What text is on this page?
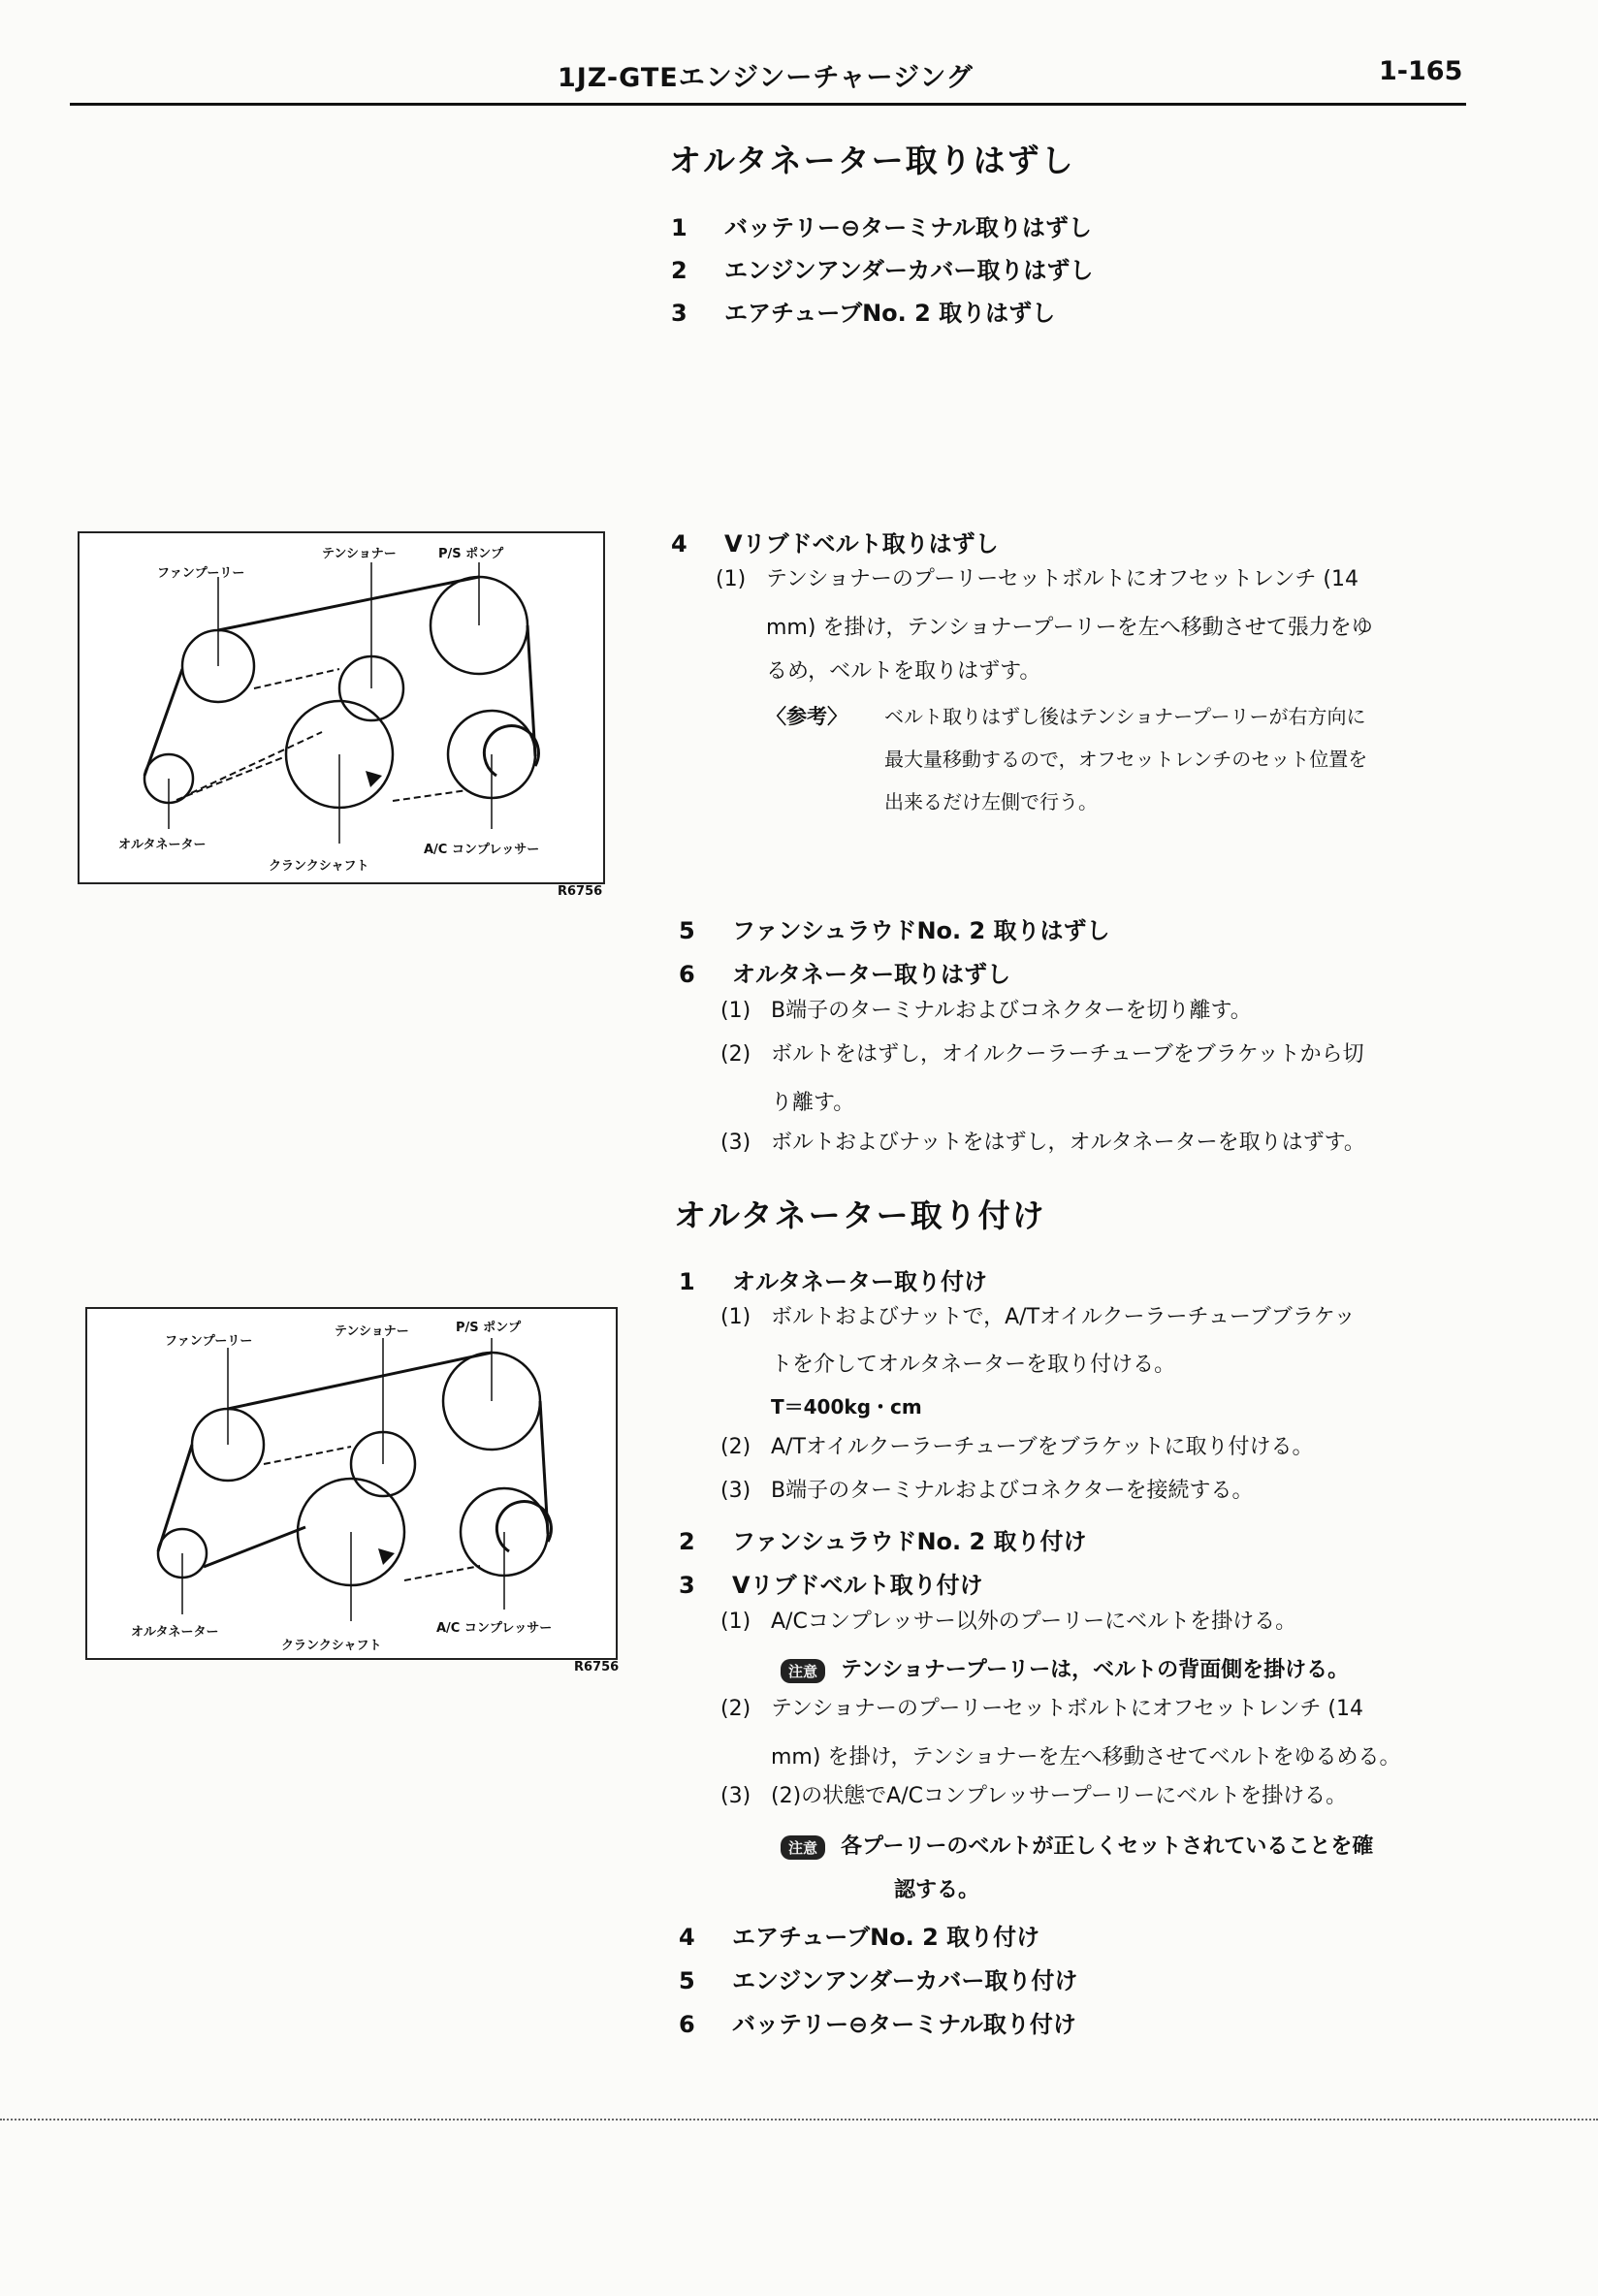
1JZ-GTEエンジンーチャージング	1-165
オルタネーター取りはずし
1 バッテリー⊖ターミナル取りはずし
2 エンジンアンダーカバー取りはずし
3 エアチューブNo. 2 取りはずし
4 Vリブドベルト取りはずし
(1) テンショナーのプーリーセットボルトにオフセットレンチ (14
mm) を掛け，テンショナープーリーを左へ移動させて張力をゆ
るめ，ベルトを取りはずす。
〈参考〉 ベルト取りはずし後はテンショナープーリーが右方向に
最大量移動するので，オフセットレンチのセット位置を
出来るだけ左側で行う。
5 ファンシュラウドNo. 2 取りはずし
6 オルタネーター取りはずし
(1) B端子のターミナルおよびコネクターを切り離す。
(2) ボルトをはずし，オイルクーラーチューブをブラケットから切
り離す。
(3) ボルトおよびナットをはずし，オルタネーターを取りはずす。
オルタネーター取り付け
1 オルタネーター取り付け
(1) ボルトおよびナットで，A/Tオイルクーラーチューブブラケッ
トを介してオルタネーターを取り付ける。
T＝400kg・cm
(2) A/Tオイルクーラーチューブをブラケットに取り付ける。
(3) B端子のターミナルおよびコネクターを接続する。
2 ファンシュラウドNo. 2 取り付け
3 Vリブドベルト取り付け
(1) A/Cコンプレッサー以外のプーリーにベルトを掛ける。
注意 テンショナープーリーは，ベルトの背面側を掛ける。
(2) テンショナーのプーリーセットボルトにオフセットレンチ (14
mm) を掛け，テンショナーを左へ移動させてベルトをゆるめる。
(3) (2)の状態でA/Cコンプレッサープーリーにベルトを掛ける。
注意 各プーリーのベルトが正しくセットされていることを確
認する。
4 エアチューブNo. 2 取り付け
5 エンジンアンダーカバー取り付け
6 バッテリー⊖ターミナル取り付け
ファンプーリー
テンショナー	P/S ポンプ
オルタネーター
クランクシャフト
A/C コンプレッサー
R6756
ファンプーリー
テンショナー	P/S ポンプ
オルタネーター
クランクシャフト
A/C コンプレッサー
R6756
